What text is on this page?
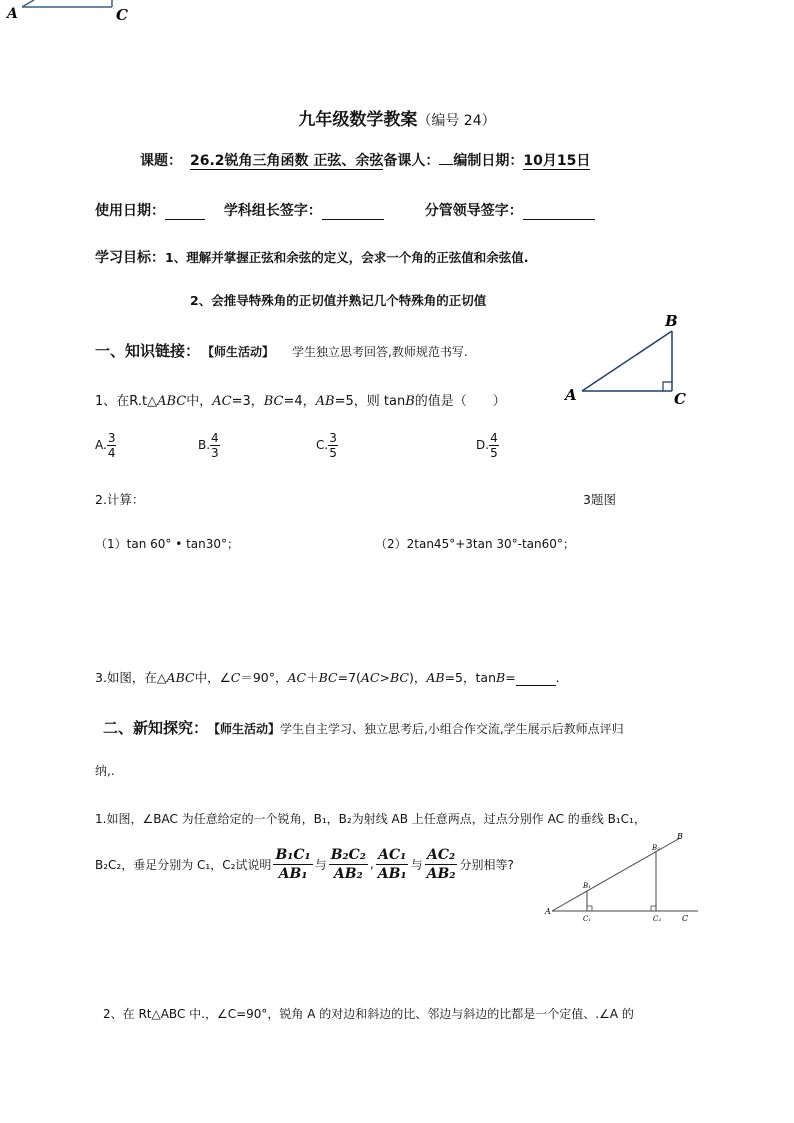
A	C
九年级数学教案（编号 24）
课题：26.2锐角三角函数 正弦、余弦备课人： 编制日期：10月15日
使用日期：	学科组长签字：	分管领导签字：
学习目标：1、理解并掌握正弦和余弦的定义，会求一个角的正弦值和余弦值.
2、会推导特殊角的正切值并熟记几个特殊角的正切值
一、知识链接： 【师生活动】 学生独立思考回答,教师规范书写.
A
B
C
1、在R.t△ABC中，AC=3，BC=4，AB=5，则 tanB的值是（　　）
A. $\frac{3}{4}$	B. $\frac{4}{3}$	C. $\frac{3}{5}$	D. $\frac{4}{5}$
2.计算：	3题图
（1）tan 60° • tan30°；	（2）2tan45°+3tan 30°-tan60°；
3.如图，在△ABC中，∠C＝90°，AC＋BC=7(AC>BC)，AB=5，tanB=	.
二、新知探究： 【师生活动】学生自主学习、独立思考后,小组合作交流,学生展示后教师点评归
纳,.
1.如图，∠BAC 为任意给定的一个锐角，B₁，B₂为射线 AB 上任意两点，过点分别作 AC 的垂线 B₁C₁，
B₂C₂，垂足分别为 C₁，C₂试说明 $\frac{\text{B₁C₁}}{\text{AB₁}}$ 与 $\frac{\text{B₂C₂}}{\text{AB₂}}$ , $\frac{\text{AC₁}}{\text{AB₁}}$ 与 $\frac{\text{AC₂}}{\text{AB₂}}$ 分别相等?
A
B
B₁
B₂
C₁	C₂	C
2、在 Rt△ABC 中.，∠C=90°，锐角 A 的对边和斜边的比、邻边与斜边的比都是一个定值、.∠A 的
